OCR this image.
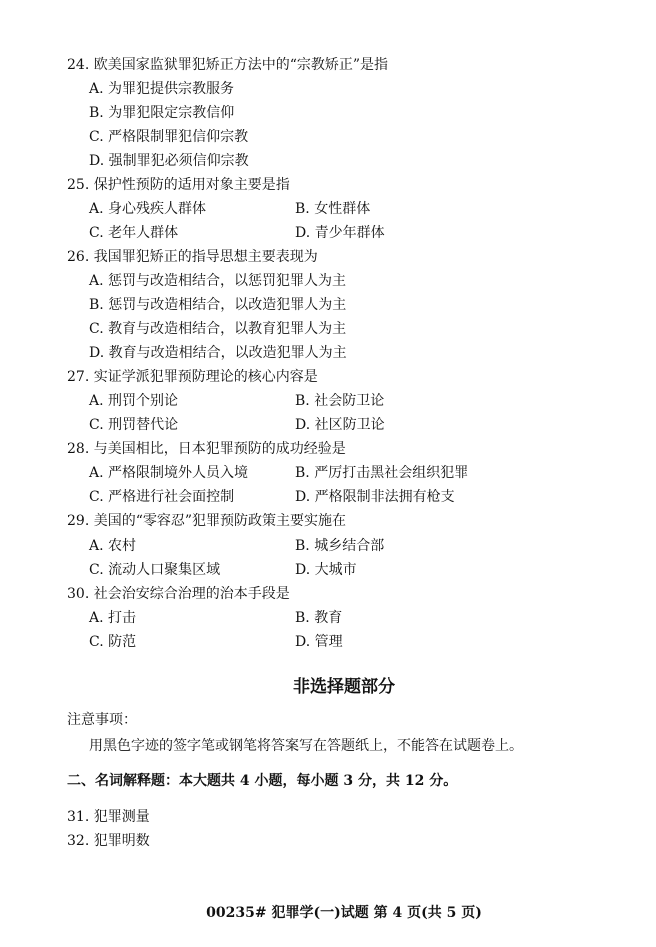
24. 欧美国家监狱罪犯矫正方法中的“宗教矫正”是指
A. 为罪犯提供宗教服务
B. 为罪犯限定宗教信仰
C. 严格限制罪犯信仰宗教
D. 强制罪犯必须信仰宗教
25. 保护性预防的适用对象主要是指
A. 身心残疾人群体	B. 女性群体
C. 老年人群体	D. 青少年群体
26. 我国罪犯矫正的指导思想主要表现为
A. 惩罚与改造相结合，以惩罚犯罪人为主
B. 惩罚与改造相结合，以改造犯罪人为主
C. 教育与改造相结合，以教育犯罪人为主
D. 教育与改造相结合，以改造犯罪人为主
27. 实证学派犯罪预防理论的核心内容是
A. 刑罚个别论	B. 社会防卫论
C. 刑罚替代论	D. 社区防卫论
28. 与美国相比，日本犯罪预防的成功经验是
A. 严格限制境外人员入境	B. 严厉打击黑社会组织犯罪
C. 严格进行社会面控制	D. 严格限制非法拥有枪支
29. 美国的“零容忍”犯罪预防政策主要实施在
A. 农村	B. 城乡结合部
C. 流动人口聚集区域	D. 大城市
30. 社会治安综合治理的治本手段是
A. 打击	B. 教育
C. 防范	D. 管理
非选择题部分
注意事项：
用黑色字迹的签字笔或钢笔将答案写在答题纸上，不能答在试题卷上。
二、名词解释题：本大题共 4 小题，每小题 3 分，共 12 分。
31. 犯罪测量
32. 犯罪明数
00235# 犯罪学(一)试题 第 4 页(共 5 页)
